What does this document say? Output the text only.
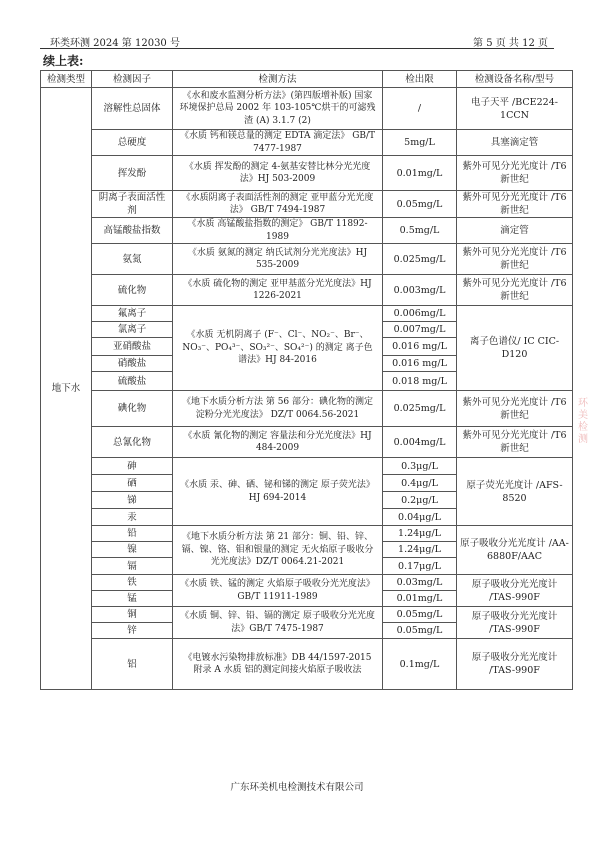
环类环测 2024 第 12030 号	第 5 页 共 12 页
续上表:
检测类型	检测因子	检测方法	检出限	检测设备名称/型号
地下水	溶解性总固体	《水和废水监测分析方法》(第四版增补版) 国家环境保护总局 2002 年 103-105℃烘干的可滤残渣 (A) 3.1.7 (2)	/	电子天平 /BCE224-1CCN
	总硬度	《水质 钙和镁总量的测定 EDTA 滴定法》 GB/T 7477-1987	5mg/L	具塞滴定管
	挥发酚	《水质 挥发酚的测定 4-氨基安替比林分光光度法》HJ 503-2009	0.01mg/L	紫外可见分光光度计 /T6 新世纪
	阴离子表面活性剂	《水质阴离子表面活性剂的测定 亚甲蓝分光光度法》 GB/T 7494-1987	0.05mg/L	紫外可见分光光度计 /T6 新世纪
	高锰酸盐指数	《水质 高锰酸盐指数的测定》 GB/T 11892-1989	0.5mg/L	滴定管
	氨氮	《水质 氨氮的测定 纳氏试剂分光光度法》HJ 535-2009	0.025mg/L	紫外可见分光光度计 /T6 新世纪
	硫化物	《水质 硫化物的测定 亚甲基蓝分光光度法》HJ 1226-2021	0.003mg/L	紫外可见分光光度计 /T6 新世纪
	氟离子	《水质 无机阴离子 (F⁻、Cl⁻、NO₂⁻、Br⁻、NO₃⁻、PO₄³⁻、SO₃²⁻、SO₄²⁻) 的测定 离子色谱法》HJ 84-2016	0.006mg/L	离子色谱仪/ IC CIC-D120
	氯离子		0.007mg/L	
	亚硝酸盐		0.016 mg/L	
	硝酸盐		0.016 mg/L	
	硫酸盐		0.018 mg/L	
	碘化物	《地下水质分析方法 第 56 部分：碘化物的测定淀粉分光光度法》 DZ/T 0064.56-2021	0.025mg/L	紫外可见分光光度计 /T6 新世纪
	总氰化物	《水质 氰化物的测定 容量法和分光光度法》HJ 484-2009	0.004mg/L	紫外可见分光光度计 /T6 新世纪
	砷	《水质 汞、砷、硒、铋和锑的测定 原子荧光法》HJ 694-2014	0.3μg/L	原子荧光光度计 /AFS-8520
	硒		0.4μg/L	
	锑		0.2μg/L	
	汞		0.04μg/L	
	铅	《地下水质分析方法 第 21 部分：铜、铅、锌、镉、镍、铬、钼和银量的测定 无火焰原子吸收分光光度法》DZ/T 0064.21-2021	1.24μg/L	原子吸收分光光度计 /AA-6880F/AAC
	镍		1.24μg/L	
	镉		0.17μg/L	
	铁	《水质 铁、锰的测定 火焰原子吸收分光光度法》GB/T 11911-1989	0.03mg/L	原子吸收分光光度计 /TAS-990F
	锰		0.01mg/L	
	铜	《水质 铜、锌、铅、镉的测定 原子吸收分光光度法》GB/T 7475-1987	0.05mg/L	原子吸收分光光度计 /TAS-990F
	锌		0.05mg/L	
	铝	《电镀水污染物排放标准》DB 44/1597-2015 附录 A 水质 铝的测定间接火焰原子吸收法	0.1mg/L	原子吸收分光光度计 /TAS-990F
环
美
检
测
广东环美机电检测技术有限公司
